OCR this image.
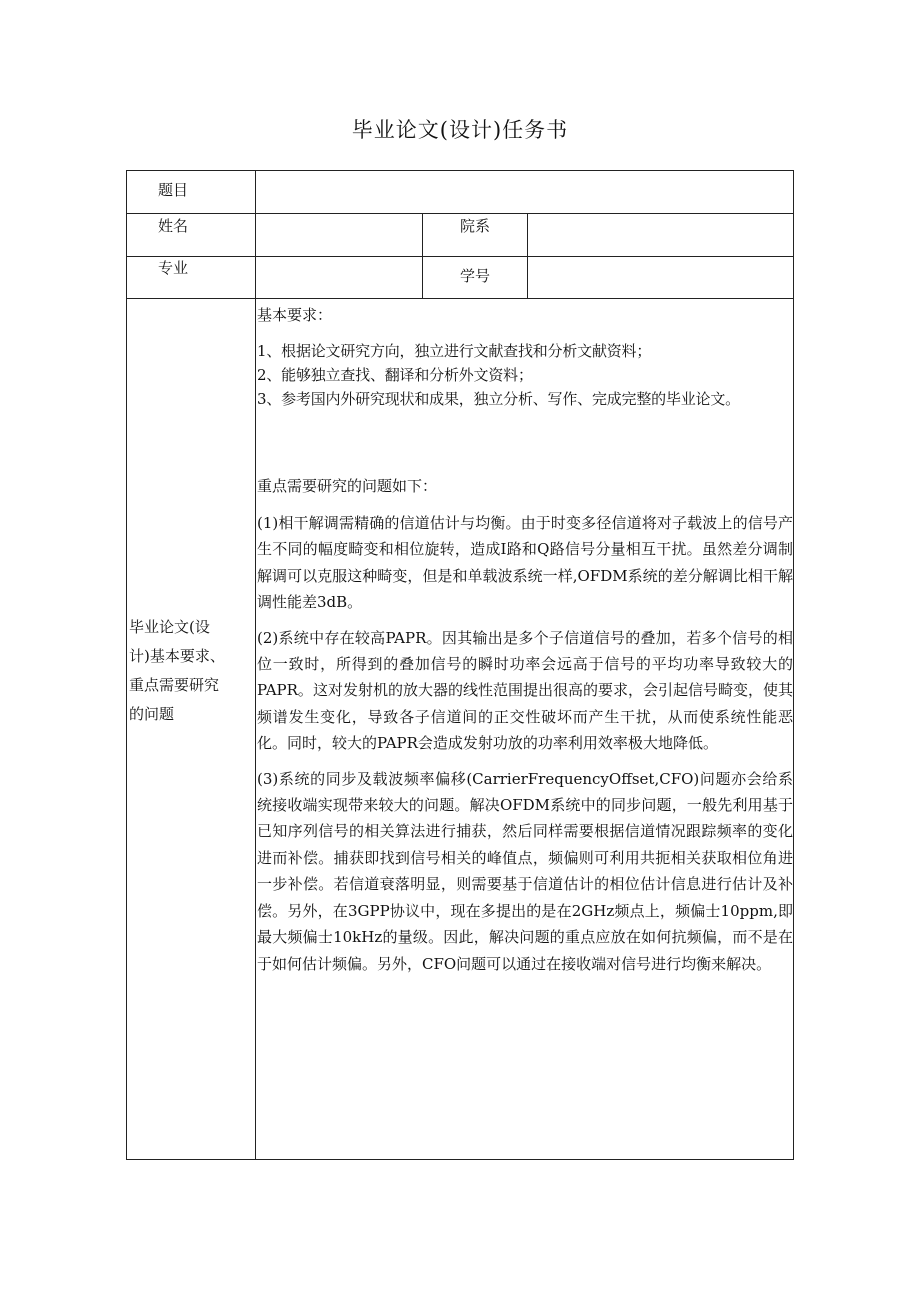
毕业论文(设计)任务书
题目
姓名	院系
专业	学号
毕业论文(设
计)基本要求、
重点需要研究
的问题

基本要求：

1、根据论文研究方向，独立进行文献查找和分析文献资料；

2、能够独立查找、翻译和分析外文资料；

3、参考国内外研究现状和成果，独立分析、写作、完成完整的毕业论文。

重点需要研究的问题如下：

(1)相干解调需精确的信道估计与均衡。由于时变多径信道将对子载波上的信号产生不同的幅度畸变和相位旋转，造成I路和Q路信号分量相互干扰。虽然差分调制解调可以克服这种畸变，但是和单载波系统一样,OFDM系统的差分解调比相干解调性能差3dB。

(2)系统中存在较高PAPR。因其输出是多个子信道信号的叠加，若多个信号的相位一致时，所得到的叠加信号的瞬时功率会远高于信号的平均功率导致较大的PAPR。这对发射机的放大器的线性范围提出很高的要求，会引起信号畸变，使其频谱发生变化，导致各子信道间的正交性破坏而产生干扰，从而使系统性能恶化。同时，较大的PAPR会造成发射功放的功率利用效率极大地降低。

(3)系统的同步及载波频率偏移(CarrierFrequencyOffset,CFO)问题亦会给系统接收端实现带来较大的问题。解决OFDM系统中的同步问题，一般先利用基于已知序列信号的相关算法进行捕获，然后同样需要根据信道情况跟踪频率的变化进而补偿。捕获即找到信号相关的峰值点，频偏则可利用共扼相关获取相位角进一步补偿。若信道衰落明显，则需要基于信道估计的相位估计信息进行估计及补偿。另外，在3GPP协议中，现在多提出的是在2GHz频点上，频偏士10ppm,即最大频偏士10kHz的量级。因此，解决问题的重点应放在如何抗频偏，而不是在于如何估计频偏。另外，CFO问题可以通过在接收端对信号进行均衡来解决。
